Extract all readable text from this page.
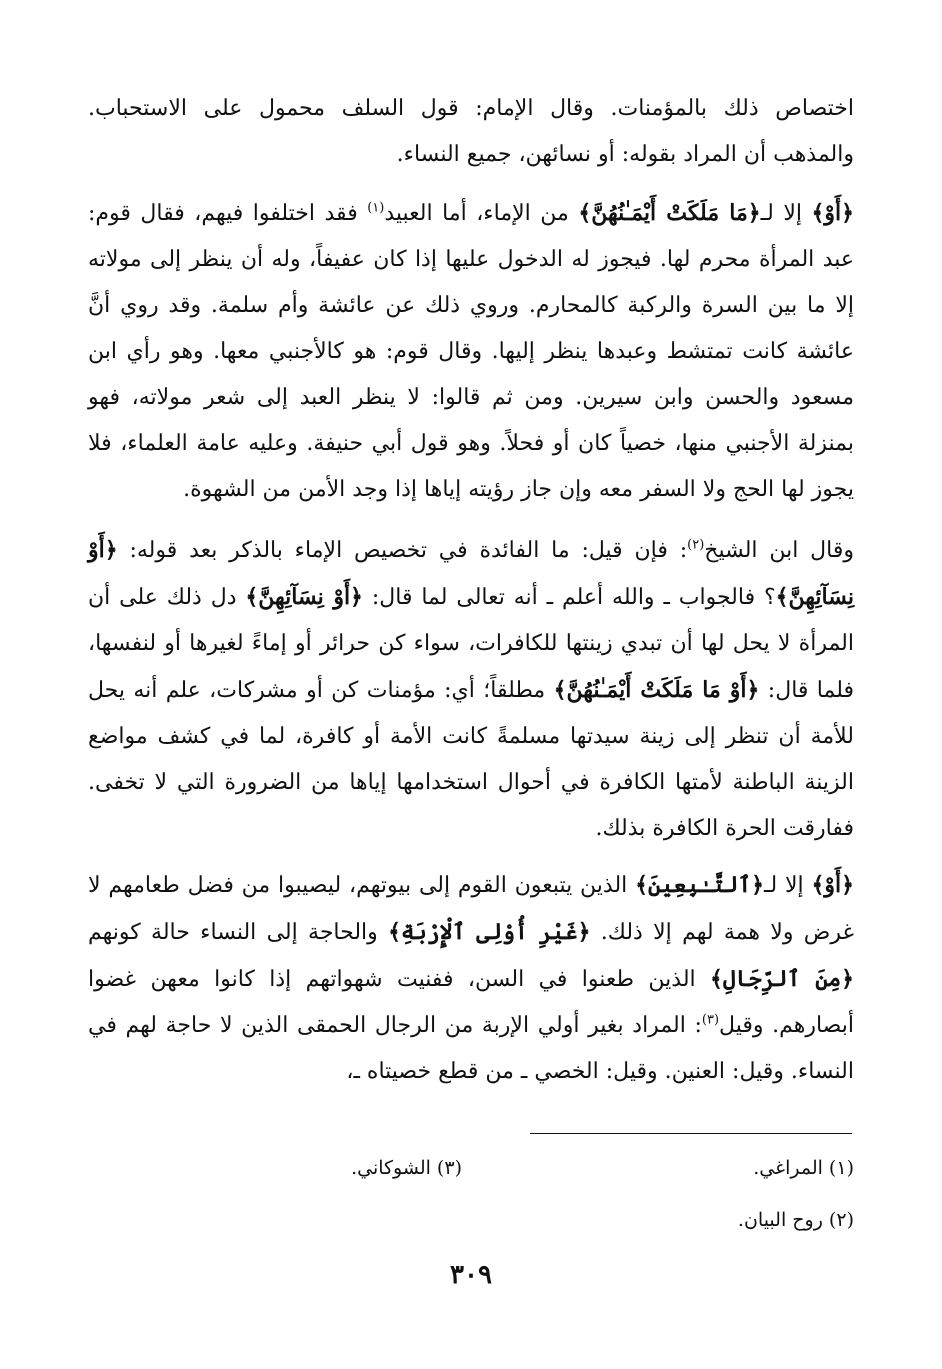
اختصاص ذلك بالمؤمنات. وقال الإمام: قول السلف محمول على الاستحباب. والمذهب أن المراد بقوله: أو نسائهن، جميع النساء.

﴿أَوْ﴾ إلا لـ﴿مَا مَلَكَتْ أَيْمَـٰنُهُنَّ﴾ من الإماء، أما العبيد$^{(١)}$ فقد اختلفوا فيهم، فقال قوم: عبد المرأة محرم لها. فيجوز له الدخول عليها إذا كان عفيفاً، وله أن ينظر إلى مولاته إلا ما بين السرة والركبة كالمحارم. وروي ذلك عن عائشة وأم سلمة. وقد روي أنَّ عائشة كانت تمتشط وعبدها ينظر إليها. وقال قوم: هو كالأجنبي معها. وهو رأي ابن مسعود والحسن وابن سيرين. ومن ثم قالوا: لا ينظر العبد إلى شعر مولاته، فهو بمنزلة الأجنبي منها، خصياً كان أو فحلاً. وهو قول أبي حنيفة. وعليه عامة العلماء، فلا يجوز لها الحج ولا السفر معه وإن جاز رؤيته إياها إذا وجد الأمن من الشهوة.

وقال ابن الشيخ$^{(٢)}$: فإن قيل: ما الفائدة في تخصيص الإماء بالذكر بعد قوله: ﴿أَوْ نِسَآئِهِنَّ﴾؟ فالجواب ـ والله أعلم ـ أنه تعالى لما قال: ﴿أَوْ نِسَآئِهِنَّ﴾ دل ذلك على أن المرأة لا يحل لها أن تبدي زينتها للكافرات، سواء كن حرائر أو إماءً لغيرها أو لنفسها، فلما قال: ﴿أَوْ مَا مَلَكَتْ أَيْمَـٰنُهُنَّ﴾ مطلقاً؛ أي: مؤمنات كن أو مشركات، علم أنه يحل للأمة أن تنظر إلى زينة سيدتها مسلمةً كانت الأمة أو كافرة، لما في كشف مواضع الزينة الباطنة لأمتها الكافرة في أحوال استخدامها إياها من الضرورة التي لا تخفى. ففارقت الحرة الكافرة بذلك.

﴿أَوْ﴾ إلا لـ﴿ٱلتَّـٰبِعِينَ﴾ الذين يتبعون القوم إلى بيوتهم، ليصيبوا من فضل طعامهم لا غرض ولا همة لهم إلا ذلك. ﴿غَيْرِ أُوْلِى ٱلْإِرْبَةِ﴾ والحاجة إلى النساء حالة كونهم ﴿مِنَ ٱلرِّجَالِ﴾ الذين طعنوا في السن، ففنيت شهواتهم إذا كانوا معهن غضوا أبصارهم. وقيل$^{(٣)}$: المراد بغير أولي الإربة من الرجال الحمقى الذين لا حاجة لهم في النساء. وقيل: العنين. وقيل: الخصي ـ من قطع خصيتاه ـ،

(١) المراغي.
(٣) الشوكاني.
(٢) روح البيان.
٣٠٩
